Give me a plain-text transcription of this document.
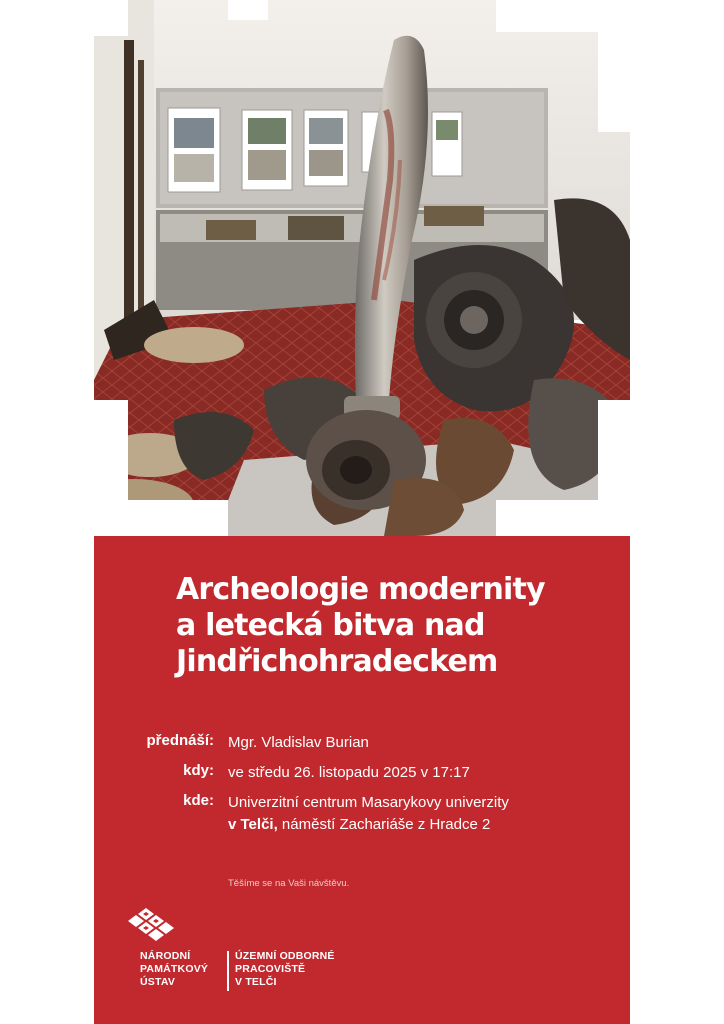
Archeologie modernity
a letecká bitva nad
Jindřichohradeckem
přednáší: Mgr. Vladislav Burian
kdy: ve středu 26. listopadu 2025 v 17:17
kde: Univerzitní centrum Masarykovy univerzity
v Telči, náměstí Zachariáše z Hradce 2
Těšíme se na Vaši návštěvu.
NÁRODNÍ
PAMÁTKOVÝ
ÚSTAV
ÚZEMNÍ ODBORNÉ
PRACOVIŠTĚ
V TELČI
